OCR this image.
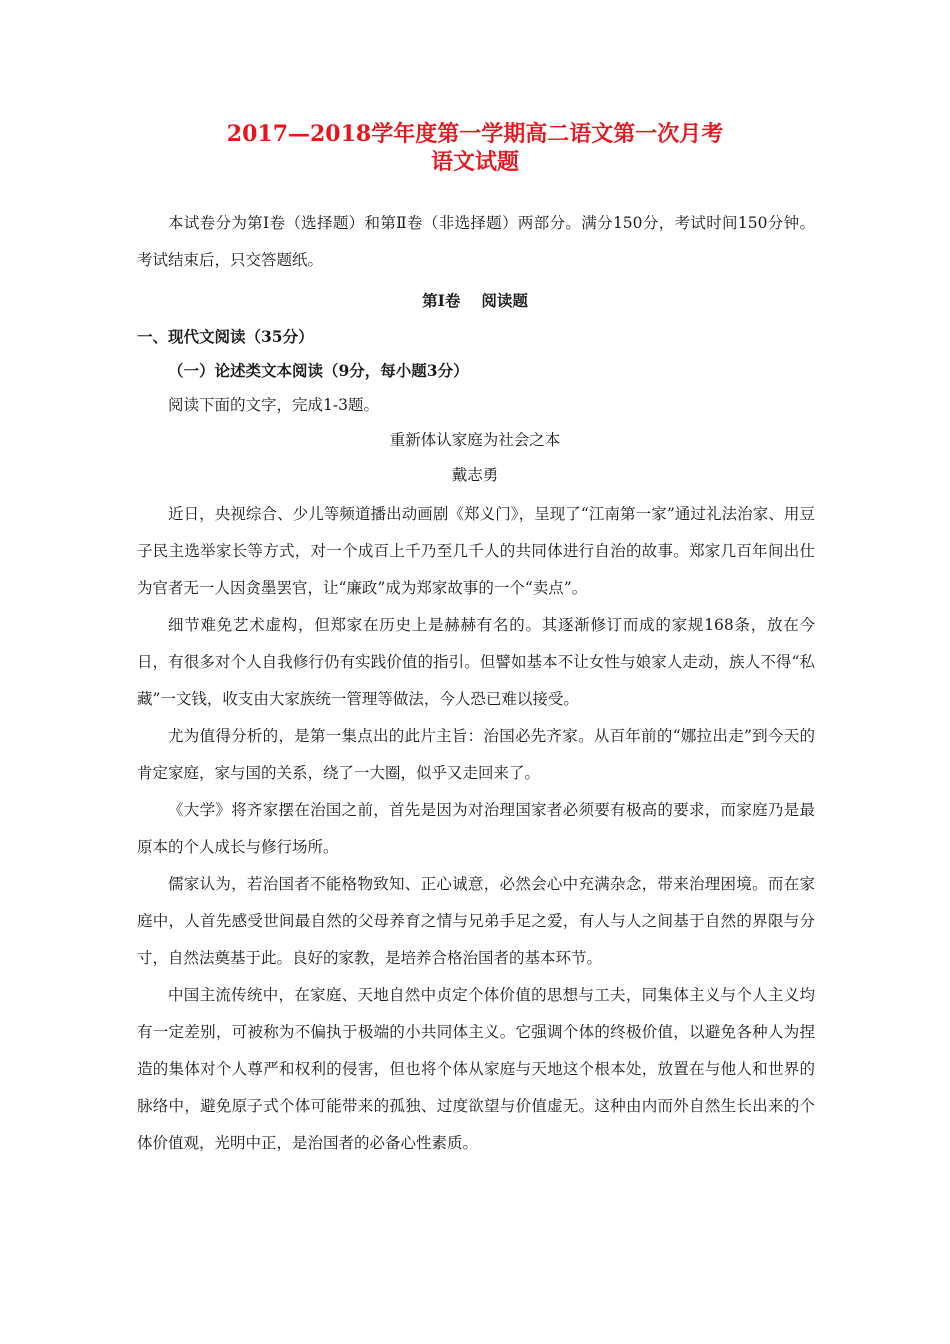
2017—2018学年度第一学期高二语文第一次月考
语文试题

本试卷分为第Ⅰ卷（选择题）和第Ⅱ卷（非选择题）两部分。满分150分，考试时间150分钟。考试结束后，只交答题纸。

第Ⅰ卷　 阅读题
一、现代文阅读（35分）
（一）论述类文本阅读（9分，每小题3分）
阅读下面的文字，完成1-3题。
重新体认家庭为社会之本
戴志勇

近日，央视综合、少儿等频道播出动画剧《郑义门》，呈现了“江南第一家”通过礼法治家、用豆子民主选举家长等方式，对一个成百上千乃至几千人的共同体进行自治的故事。郑家几百年间出仕为官者无一人因贪墨罢官，让“廉政”成为郑家故事的一个“卖点”。

细节难免艺术虚构，但郑家在历史上是赫赫有名的。其逐渐修订而成的家规168条，放在今日，有很多对个人自我修行仍有实践价值的指引。但譬如基本不让女性与娘家人走动，族人不得“私藏”一文钱，收支由大家族统一管理等做法，今人恐已难以接受。

尤为值得分析的，是第一集点出的此片主旨：治国必先齐家。从百年前的“娜拉出走”到今天的肯定家庭，家与国的关系，绕了一大圈，似乎又走回来了。

《大学》将齐家摆在治国之前，首先是因为对治理国家者必须要有极高的要求，而家庭乃是最原本的个人成长与修行场所。

儒家认为，若治国者不能格物致知、正心诚意，必然会心中充满杂念，带来治理困境。而在家庭中，人首先感受世间最自然的父母养育之情与兄弟手足之爱，有人与人之间基于自然的界限与分寸，自然法奠基于此。良好的家教，是培养合格治国者的基本环节。

中国主流传统中，在家庭、天地自然中贞定个体价值的思想与工夫，同集体主义与个人主义均有一定差别，可被称为不偏执于极端的小共同体主义。它强调个体的终极价值，以避免各种人为捏造的集体对个人尊严和权利的侵害，但也将个体从家庭与天地这个根本处，放置在与他人和世界的脉络中，避免原子式个体可能带来的孤独、过度欲望与价值虚无。这种由内而外自然生长出来的个体价值观，光明中正，是治国者的必备心性素质。
